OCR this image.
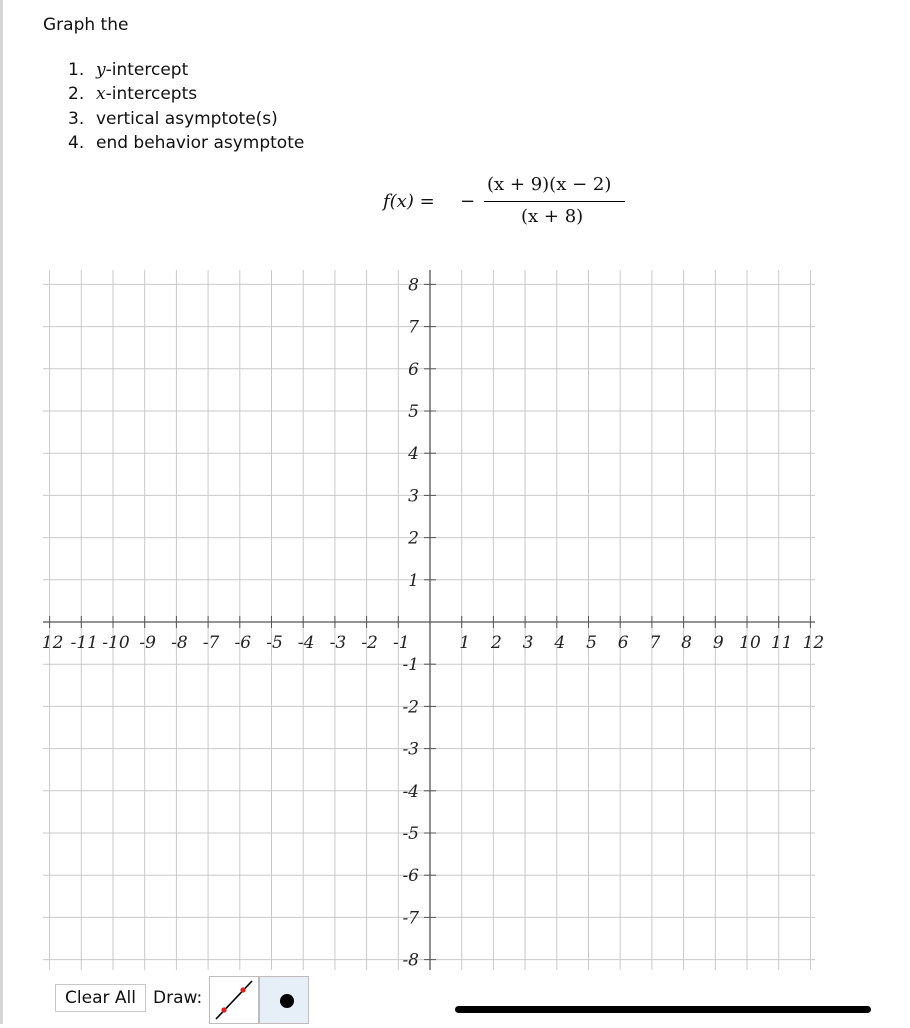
Graph the
1. y-intercept
2. x-intercepts
3. vertical asymptote(s)
4. end behavior asymptote
f(x) = −
(x + 9)(x − 2)
(x + 8)
12 -11 -10 -9 -8 -7 -6 -5 -4 -3 -2 -1	1 2 3 4 5 6 7 8 9 10 11 12
8
7
6
5
4
3
2
1
-1
-2
-3
-4
-5
-6
-7
-8
Clear All	Draw:
